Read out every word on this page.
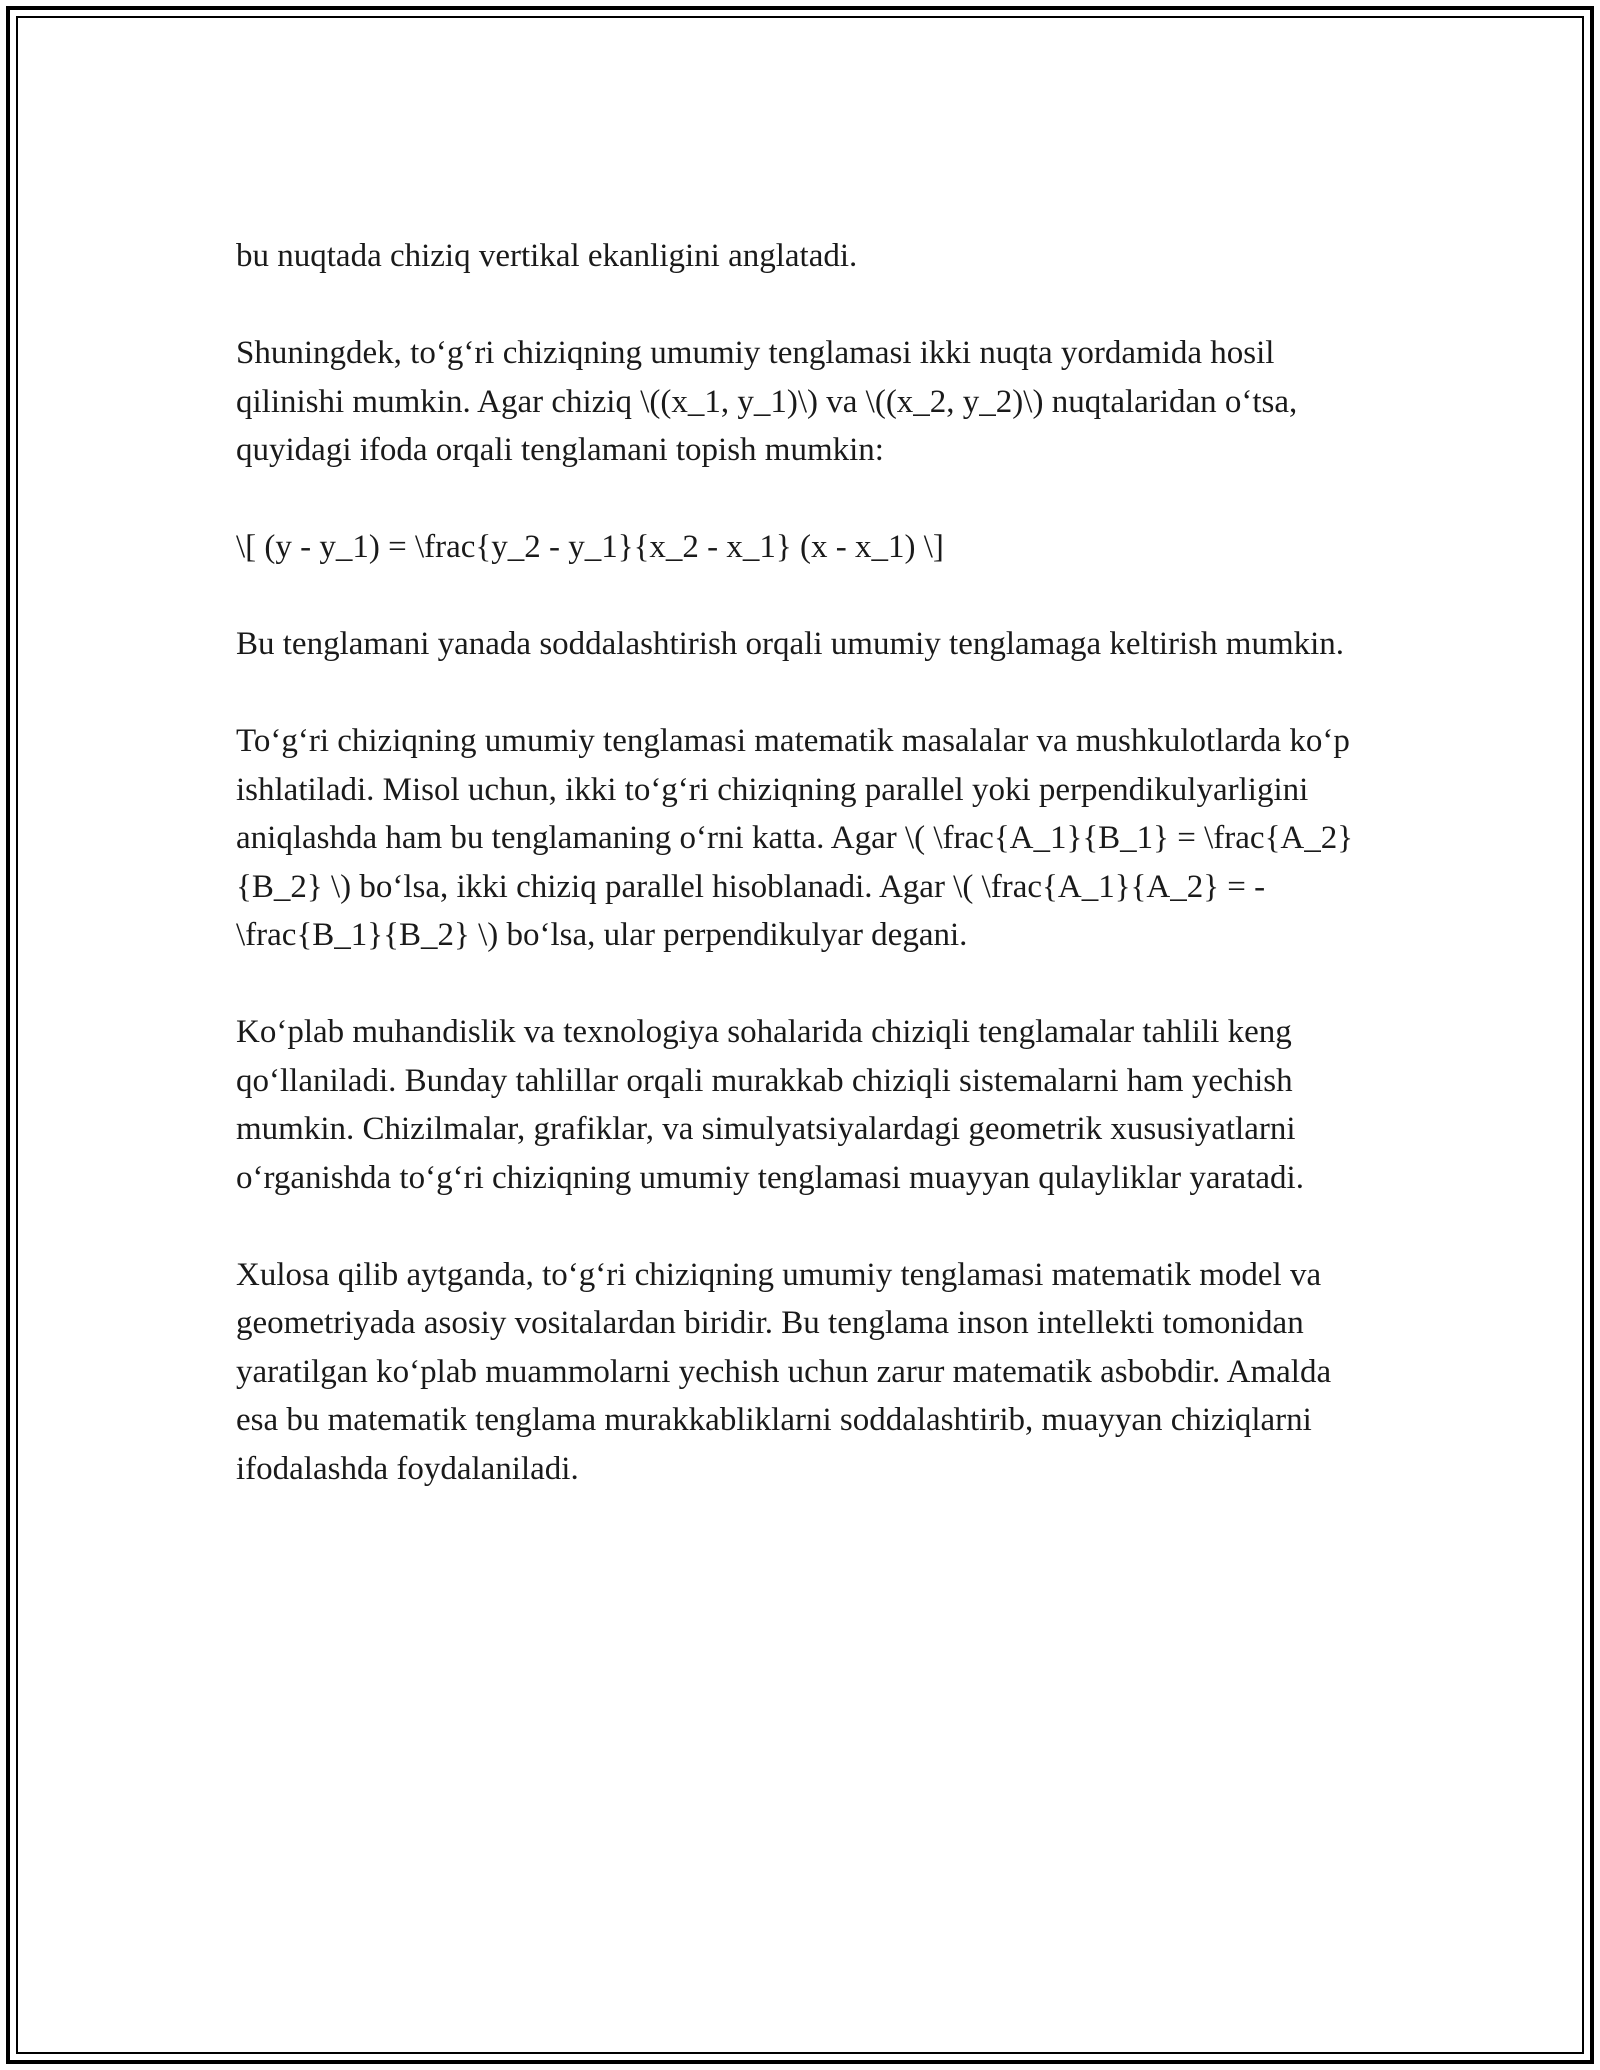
bu nuqtada chiziq vertikal ekanligini anglatadi.

Shuningdek, to‘g‘ri chiziqning umumiy tenglamasi ikki nuqta yordamida hosil qilinishi mumkin. Agar chiziq \((x_1, y_1)\) va \((x_2, y_2)\) nuqtalaridan o‘tsa, quyidagi ifoda orqali tenglamani topish mumkin:

\[ (y - y_1) = \frac{y_2 - y_1}{x_2 - x_1} (x - x_1) \]

Bu tenglamani yanada soddalashtirish orqali umumiy tenglamaga keltirish mumkin.

To‘g‘ri chiziqning umumiy tenglamasi matematik masalalar va mushkulotlarda ko‘p ishlatiladi. Misol uchun, ikki to‘g‘ri chiziqning parallel yoki perpendikulyarligini aniqlashda ham bu tenglamaning o‘rni katta. Agar \( \frac{A_1}{B_1} = \frac{A_2}{B_2} \) bo‘lsa, ikki chiziq parallel hisoblanadi. Agar \( \frac{A_1}{A_2} = -\frac{B_1}{B_2} \) bo‘lsa, ular perpendikulyar degani.

Ko‘plab muhandislik va texnologiya sohalarida chiziqli tenglamalar tahlili keng qo‘llaniladi. Bunday tahlillar orqali murakkab chiziqli sistemalarni ham yechish mumkin. Chizilmalar, grafiklar, va simulyatsiyalardagi geometrik xususiyatlarni o‘rganishda to‘g‘ri chiziqning umumiy tenglamasi muayyan qulayliklar yaratadi.

Xulosa qilib aytganda, to‘g‘ri chiziqning umumiy tenglamasi matematik model va geometriyada asosiy vositalardan biridir. Bu tenglama inson intellekti tomonidan yaratilgan ko‘plab muammolarni yechish uchun zarur matematik asbobdir. Amalda esa bu matematik tenglama murakkabliklarni soddalashtirib, muayyan chiziqlarni ifodalashda foydalaniladi.
